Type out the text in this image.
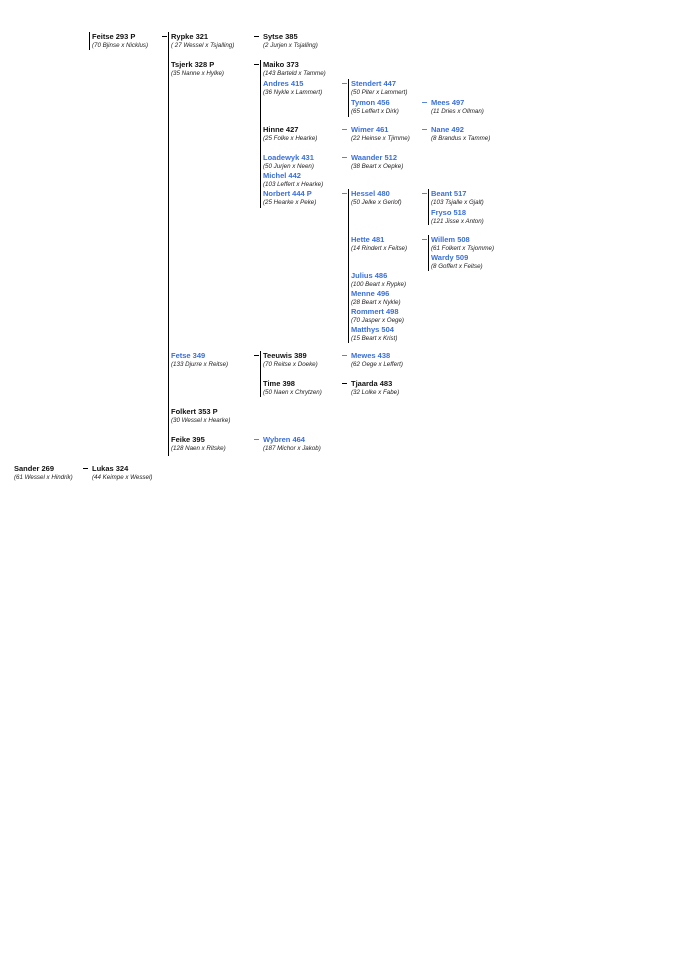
Feitse 293 P
(70 Bjinse x Nicklus)
Sander 269
(61 Wessel x Hindrik)
Rypke 321
( 27 Wessel x Tsjalling)
Tsjerk 328 P
(35 Nanne x Hylke)
Fetse 349
(133 Djurre x Reitse)
Folkert 353 P
(30 Wessel x Hearke)
Feike 395
(128 Naen x Ritske)
Lukas 324
(44 Keimpe x Wessel)
Sytse 385
(2 Jurjen x Tsjalling)
Maiko 373
(143 Barteld x Tamme)
Andres 415
(36 Nykle x Lammert)
Hinne 427
(25 Folke x Hearke)
Loadewyk 431
(50 Jurjen x Neen)
Michel 442
(103 Leffert x Hearke)
Norbert 444 P
(25 Hearke x Peke)
Teeuwis 389
(70 Reitse x Doeke)
Time 398
(50 Naen x Chrytzen)
Wybren 464
(187 Michor x Jakob)
Stendert 447
(50 Piter x Lammert)
Tymon 456
(65 Leffert x Dirk)
Wimer 461
(22 Heinse x Tjimme)
Waander 512
(38 Beart x Oepke)
Hessel 480
(50 Jelke x Gerlof)
Hette 481
(14 Rindert x Feitse)
Julius 486
(100 Beart x Rypke)
Menne 496
(28 Beart x Nykle)
Rommert 498
(70 Jasper x Oege)
Matthys 504
(15 Beart x Krist)
Mewes 438
(62 Oege x Leffert)
Tjaarda 483
(32 Lolke x Fabe)
Mees 497
(11 Dries x Ollman)
Nane 492
(8 Brandus x Tamme)
Beant 517
(103 Tsjalle x Gjalt)
Fryso 518
(121 Jisse x Anton)
Willem 508
(61 Folkert x Tsjomme)
Wardy 509
(8 Goffert x Feitse)
